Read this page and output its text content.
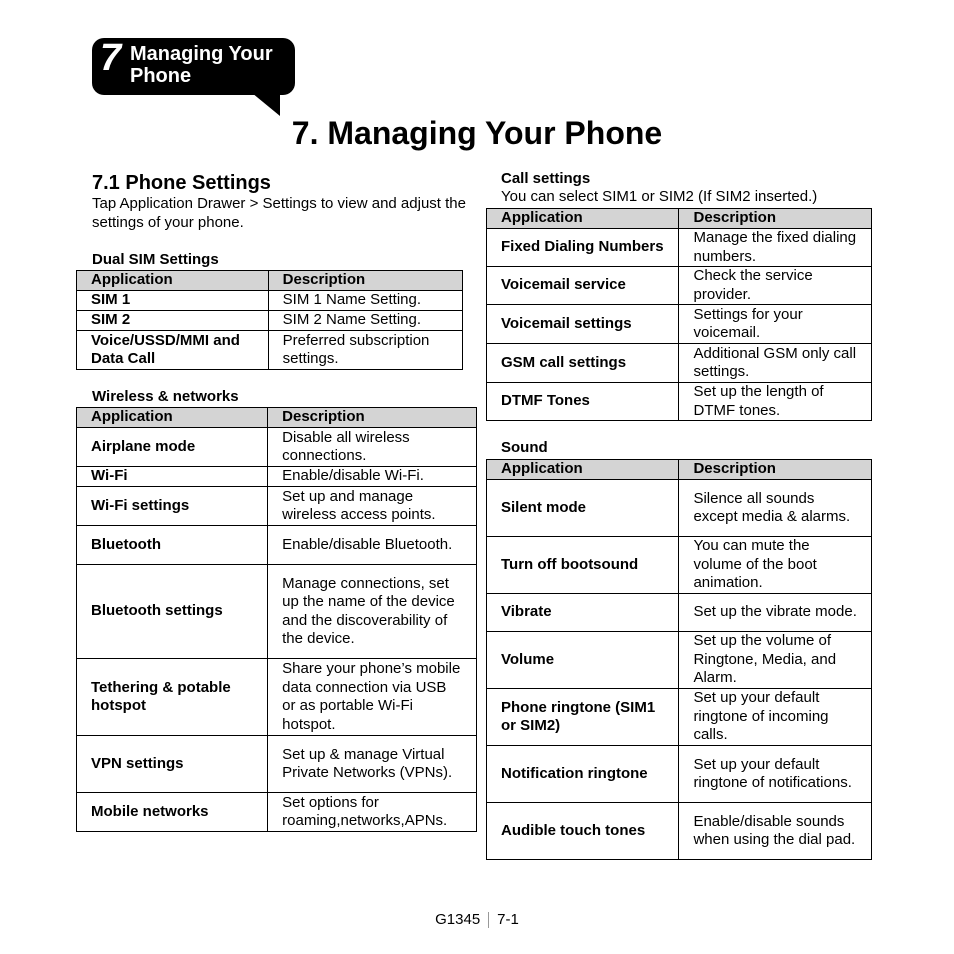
7 Managing Your
Phone
7. Managing Your Phone
7.1 Phone Settings
Tap Application Drawer > Settings to view and adjust the settings of your phone.
Dual SIM Settings
Application	Description
SIM 1	SIM 1 Name Setting.
SIM 2	SIM 2 Name Setting.
Voice/USSD/MMI and Data Call	Preferred subscription settings.
Wireless & networks
Application	Description
Airplane mode	Disable all wireless connections.
Wi-Fi	Enable/disable Wi-Fi.
Wi-Fi settings	Set up and manage wireless access points.
Bluetooth	Enable/disable Bluetooth.
Bluetooth settings	Manage connections, set up the name of the device and the discoverability of the device.
Tethering & potable hotspot	Share your phone’s mobile data connection via USB or as portable Wi-Fi hotspot.
VPN settings	Set up & manage Virtual Private Networks (VPNs).
Mobile networks	Set options for roaming,networks,APNs.
Call settings
You can select SIM1 or SIM2 (If SIM2 inserted.)
Application	Description
Fixed Dialing Numbers	Manage the fixed dialing numbers.
Voicemail service	Check the service provider.
Voicemail settings	Settings for your voicemail.
GSM call settings	Additional GSM only call settings.
DTMF Tones	Set up the length of DTMF tones.
Sound
Application	Description
Silent mode	Silence all sounds except media & alarms.
Turn off bootsound	You can mute the volume of the boot animation.
Vibrate	Set up the vibrate mode.
Volume	Set up the volume of Ringtone, Media, and Alarm.
Phone ringtone (SIM1 or SIM2)	Set up your default ringtone of incoming calls.
Notification ringtone	Set up your default ringtone of notifications.
Audible touch tones	Enable/disable sounds when using the dial pad.
G1345 7-1
